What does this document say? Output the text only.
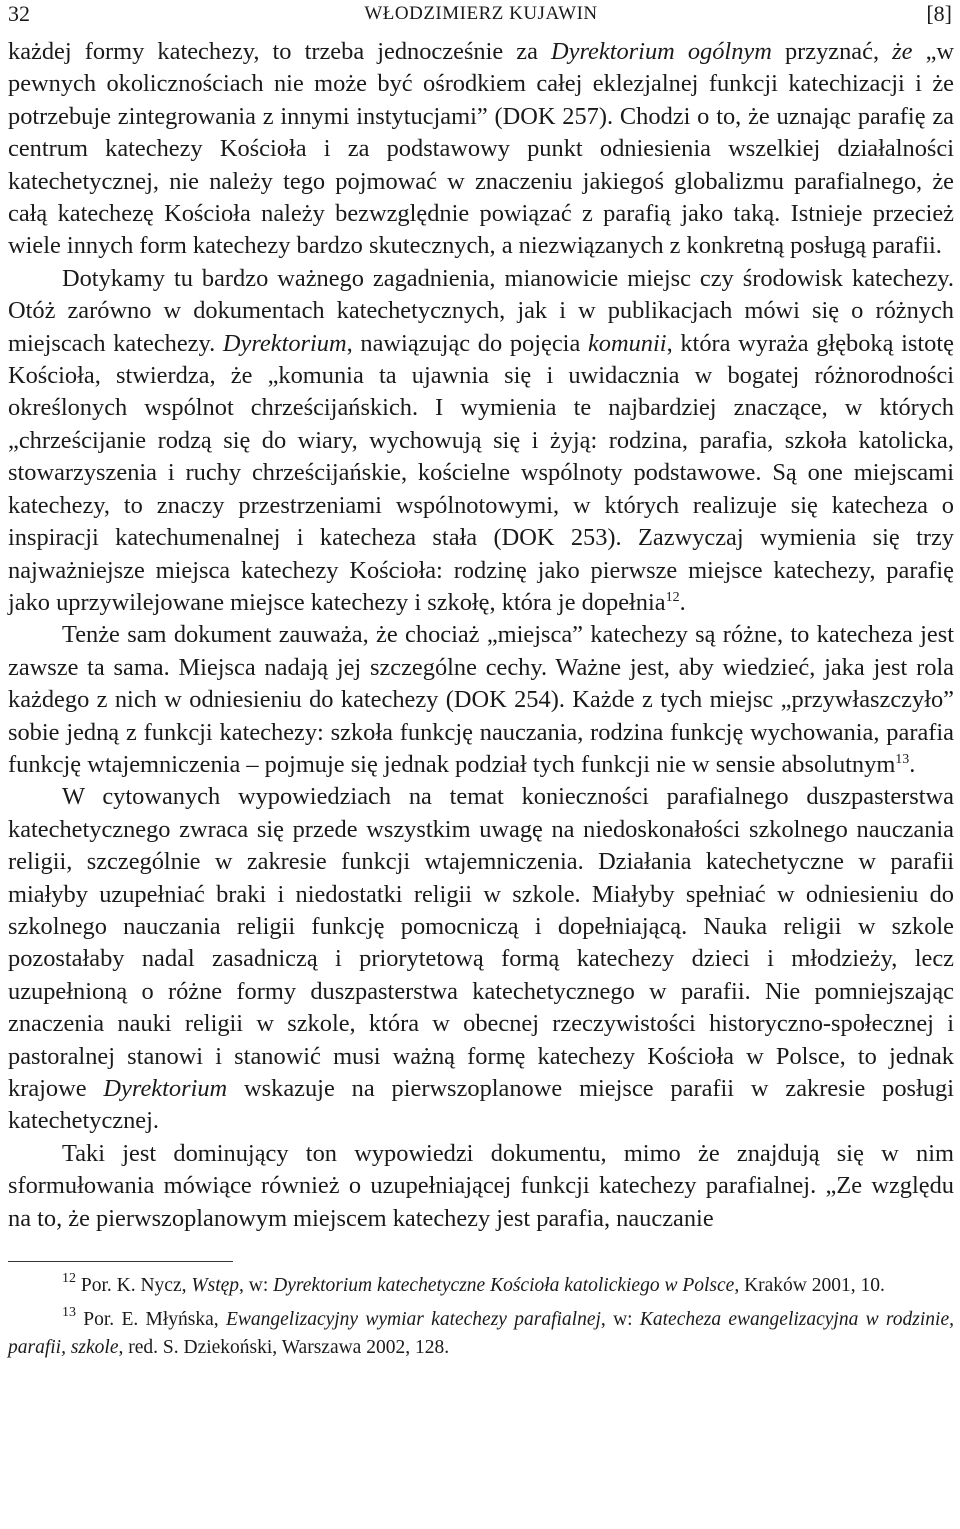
32	WŁODZIMIERZ KUJAWIN	[8]

każdej formy katechezy, to trzeba jednocześnie za Dyrektorium ogólnym przyznać, że „w pewnych okolicznościach nie może być ośrodkiem całej eklezjalnej funkcji katechizacji i że potrzebuje zintegrowania z innymi instytucjami” (DOK 257). Chodzi o to, że uznając parafię za centrum katechezy Kościoła i za podstawowy punkt odniesienia wszelkiej działalności katechetycznej, nie należy tego pojmować w znaczeniu jakiegoś globalizmu parafialnego, że całą katechezę Kościoła należy bezwzględnie powiązać z parafią jako taką. Istnieje przecież wiele innych form katechezy bardzo skutecznych, a niezwiązanych z konkretną posługą parafii.

Dotykamy tu bardzo ważnego zagadnienia, mianowicie miejsc czy środowisk katechezy. Otóż zarówno w dokumentach katechetycznych, jak i w publikacjach mówi się o różnych miejscach katechezy. Dyrektorium, nawiązując do pojęcia komunii, która wyraża głęboką istotę Kościoła, stwierdza, że „komunia ta ujawnia się i uwidacznia w bogatej różnorodności określonych wspólnot chrześcijańskich. I wymienia te najbardziej znaczące, w których „chrześcijanie rodzą się do wiary, wychowują się i żyją: rodzina, parafia, szkoła katolicka, stowarzyszenia i ruchy chrześcijańskie, kościelne wspólnoty podstawowe. Są one miejscami katechezy, to znaczy przestrzeniami wspólnotowymi, w których realizuje się katecheza o inspiracji katechumenalnej i katecheza stała (DOK 253). Zazwyczaj wymienia się trzy najważniejsze miejsca katechezy Kościoła: rodzinę jako pierwsze miejsce katechezy, parafię jako uprzywilejowane miejsce katechezy i szkołę, która je dopełnia$^{12}$.

Tenże sam dokument zauważa, że chociaż „miejsca” katechezy są różne, to katecheza jest zawsze ta sama. Miejsca nadają jej szczególne cechy. Ważne jest, aby wiedzieć, jaka jest rola każdego z nich w odniesieniu do katechezy (DOK 254). Każde z tych miejsc „przywłaszczyło” sobie jedną z funkcji katechezy: szkoła funkcję nauczania, rodzina funkcję wychowania, parafia funkcję wtajemniczenia – pojmuje się jednak podział tych funkcji nie w sensie absolutnym$^{13}$.

W cytowanych wypowiedziach na temat konieczności parafialnego duszpasterstwa katechetycznego zwraca się przede wszystkim uwagę na niedoskonałości szkolnego nauczania religii, szczególnie w zakresie funkcji wtajemniczenia. Działania katechetyczne w parafii miałyby uzupełniać braki i niedostatki religii w szkole. Miałyby spełniać w odniesieniu do szkolnego nauczania religii funkcję pomocniczą i dopełniającą. Nauka religii w szkole pozostałaby nadal zasadniczą i priorytetową formą katechezy dzieci i młodzieży, lecz uzupełnioną o różne formy duszpasterstwa katechetycznego w parafii. Nie pomniejszając znaczenia nauki religii w szkole, która w obecnej rzeczywistości historyczno-społecznej i pastoralnej stanowi i stanowić musi ważną formę katechezy Kościoła w Polsce, to jednak krajowe Dyrektorium wskazuje na pierwszoplanowe miejsce parafii w zakresie posługi katechetycznej.

Taki jest dominujący ton wypowiedzi dokumentu, mimo że znajdują się w nim sformułowania mówiące również o uzupełniającej funkcji katechezy parafialnej. „Ze względu na to, że pierwszoplanowym miejscem katechezy jest parafia, nauczanie

$^{12}$ Por. K. Nycz, Wstęp, w: Dyrektorium katechetyczne Kościoła katolickiego w Polsce, Kraków 2001, 10.

$^{13}$ Por. E. Młyńska, Ewangelizacyjny wymiar katechezy parafialnej, w: Katecheza ewangelizacyjna w rodzinie, parafii, szkole, red. S. Dziekoński, Warszawa 2002, 128.
